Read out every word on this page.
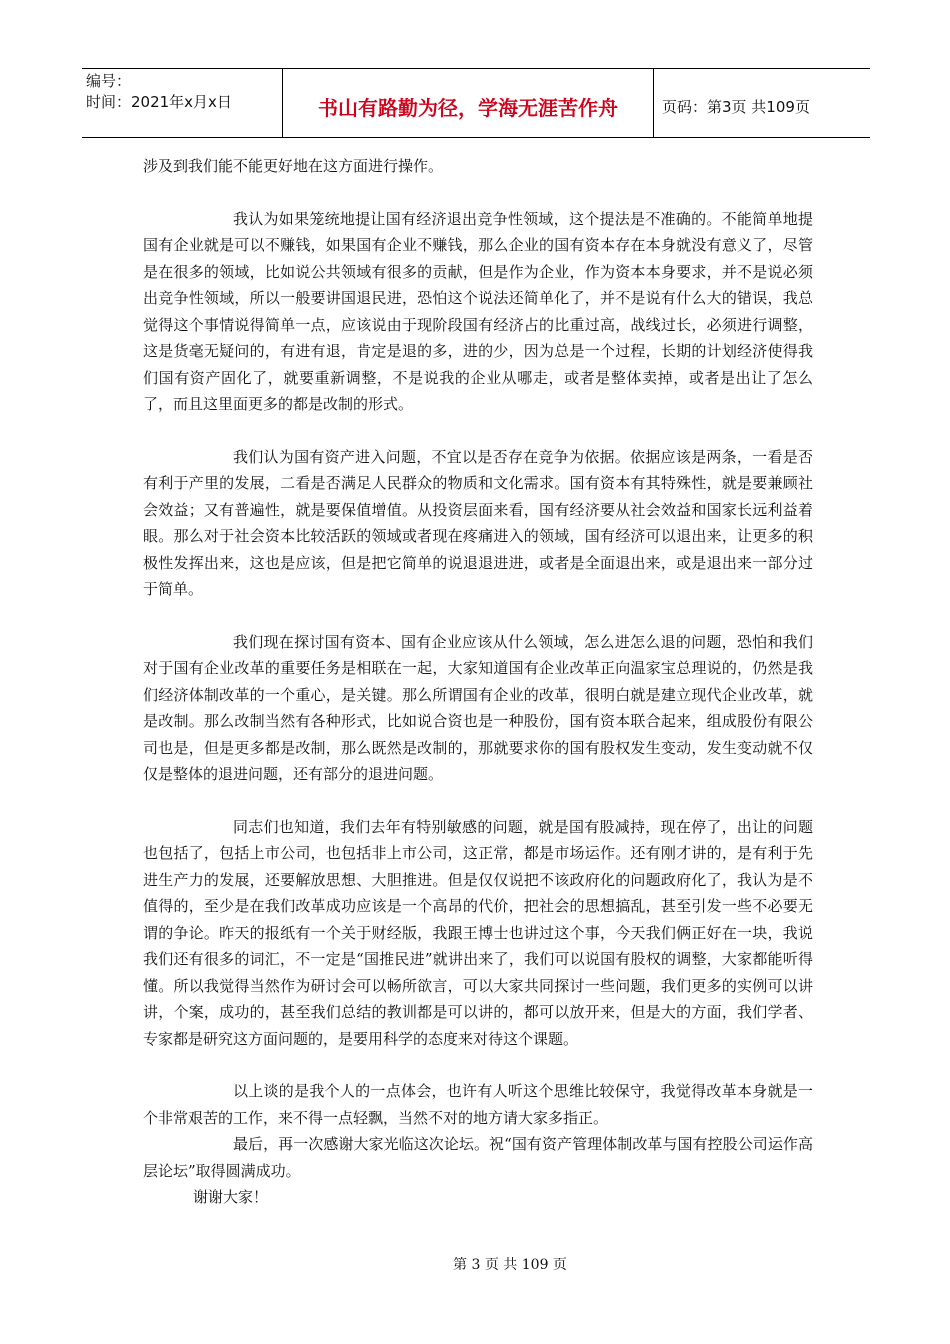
编号：
时间：2021年x月x日	书山有路勤为径，学海无涯苦作舟	页码：第3页 共109页

涉及到我们能不能更好地在这方面进行操作。

我认为如果笼统地提让国有经济退出竞争性领域，这个提法是不准确的。不能简单地提国有企业就是可以不赚钱，如果国有企业不赚钱，那么企业的国有资本存在本身就没有意义了，尽管是在很多的领域，比如说公共领域有很多的贡献，但是作为企业，作为资本本身要求，并不是说必须出竞争性领域，所以一般要讲国退民进，恐怕这个说法还简单化了，并不是说有什么大的错误，我总觉得这个事情说得简单一点，应该说由于现阶段国有经济占的比重过高，战线过长，必须进行调整，这是货毫无疑问的，有进有退，肯定是退的多，进的少，因为总是一个过程，长期的计划经济使得我们国有资产固化了，就要重新调整，不是说我的企业从哪走，或者是整体卖掉，或者是出让了怎么了，而且这里面更多的都是改制的形式。

我们认为国有资产进入问题，不宜以是否存在竞争为依据。依据应该是两条，一看是否有利于产里的发展，二看是否满足人民群众的物质和文化需求。国有资本有其特殊性，就是要兼顾社会效益；又有普遍性，就是要保值增值。从投资层面来看，国有经济要从社会效益和国家长远利益着眼。那么对于社会资本比较活跃的领域或者现在疼痛进入的领域，国有经济可以退出来，让更多的积极性发挥出来，这也是应该，但是把它简单的说退退进进，或者是全面退出来，或是退出来一部分过于简单。

我们现在探讨国有资本、国有企业应该从什么领域，怎么进怎么退的问题，恐怕和我们对于国有企业改革的重要任务是相联在一起，大家知道国有企业改革正向温家宝总理说的，仍然是我们经济体制改革的一个重心，是关键。那么所谓国有企业的改革，很明白就是建立现代企业改革，就是改制。那么改制当然有各种形式，比如说合资也是一种股份，国有资本联合起来，组成股份有限公司也是，但是更多都是改制，那么既然是改制的，那就要求你的国有股权发生变动，发生变动就不仅仅是整体的退进问题，还有部分的退进问题。

同志们也知道，我们去年有特别敏感的问题，就是国有股减持，现在停了，出让的问题也包括了，包括上市公司，也包括非上市公司，这正常，都是市场运作。还有刚才讲的，是有利于先进生产力的发展，还要解放思想、大胆推进。但是仅仅说把不该政府化的问题政府化了，我认为是不值得的，至少是在我们改革成功应该是一个高昂的代价，把社会的思想搞乱，甚至引发一些不必要无谓的争论。昨天的报纸有一个关于财经版，我跟王博士也讲过这个事，今天我们俩正好在一块，我说我们还有很多的词汇，不一定是“国推民进”就讲出来了，我们可以说国有股权的调整，大家都能听得懂。所以我觉得当然作为研讨会可以畅所欲言，可以大家共同探讨一些问题，我们更多的实例可以讲讲，个案，成功的，甚至我们总结的教训都是可以讲的，都可以放开来，但是大的方面，我们学者、专家都是研究这方面问题的，是要用科学的态度来对待这个课题。

以上谈的是我个人的一点体会，也许有人听这个思维比较保守，我觉得改革本身就是一个非常艰苦的工作，来不得一点轻飘，当然不对的地方请大家多指正。

最后，再一次感谢大家光临这次论坛。祝“国有资产管理体制改革与国有控股公司运作高层论坛”取得圆满成功。

谢谢大家！

第 3 页 共 109 页
